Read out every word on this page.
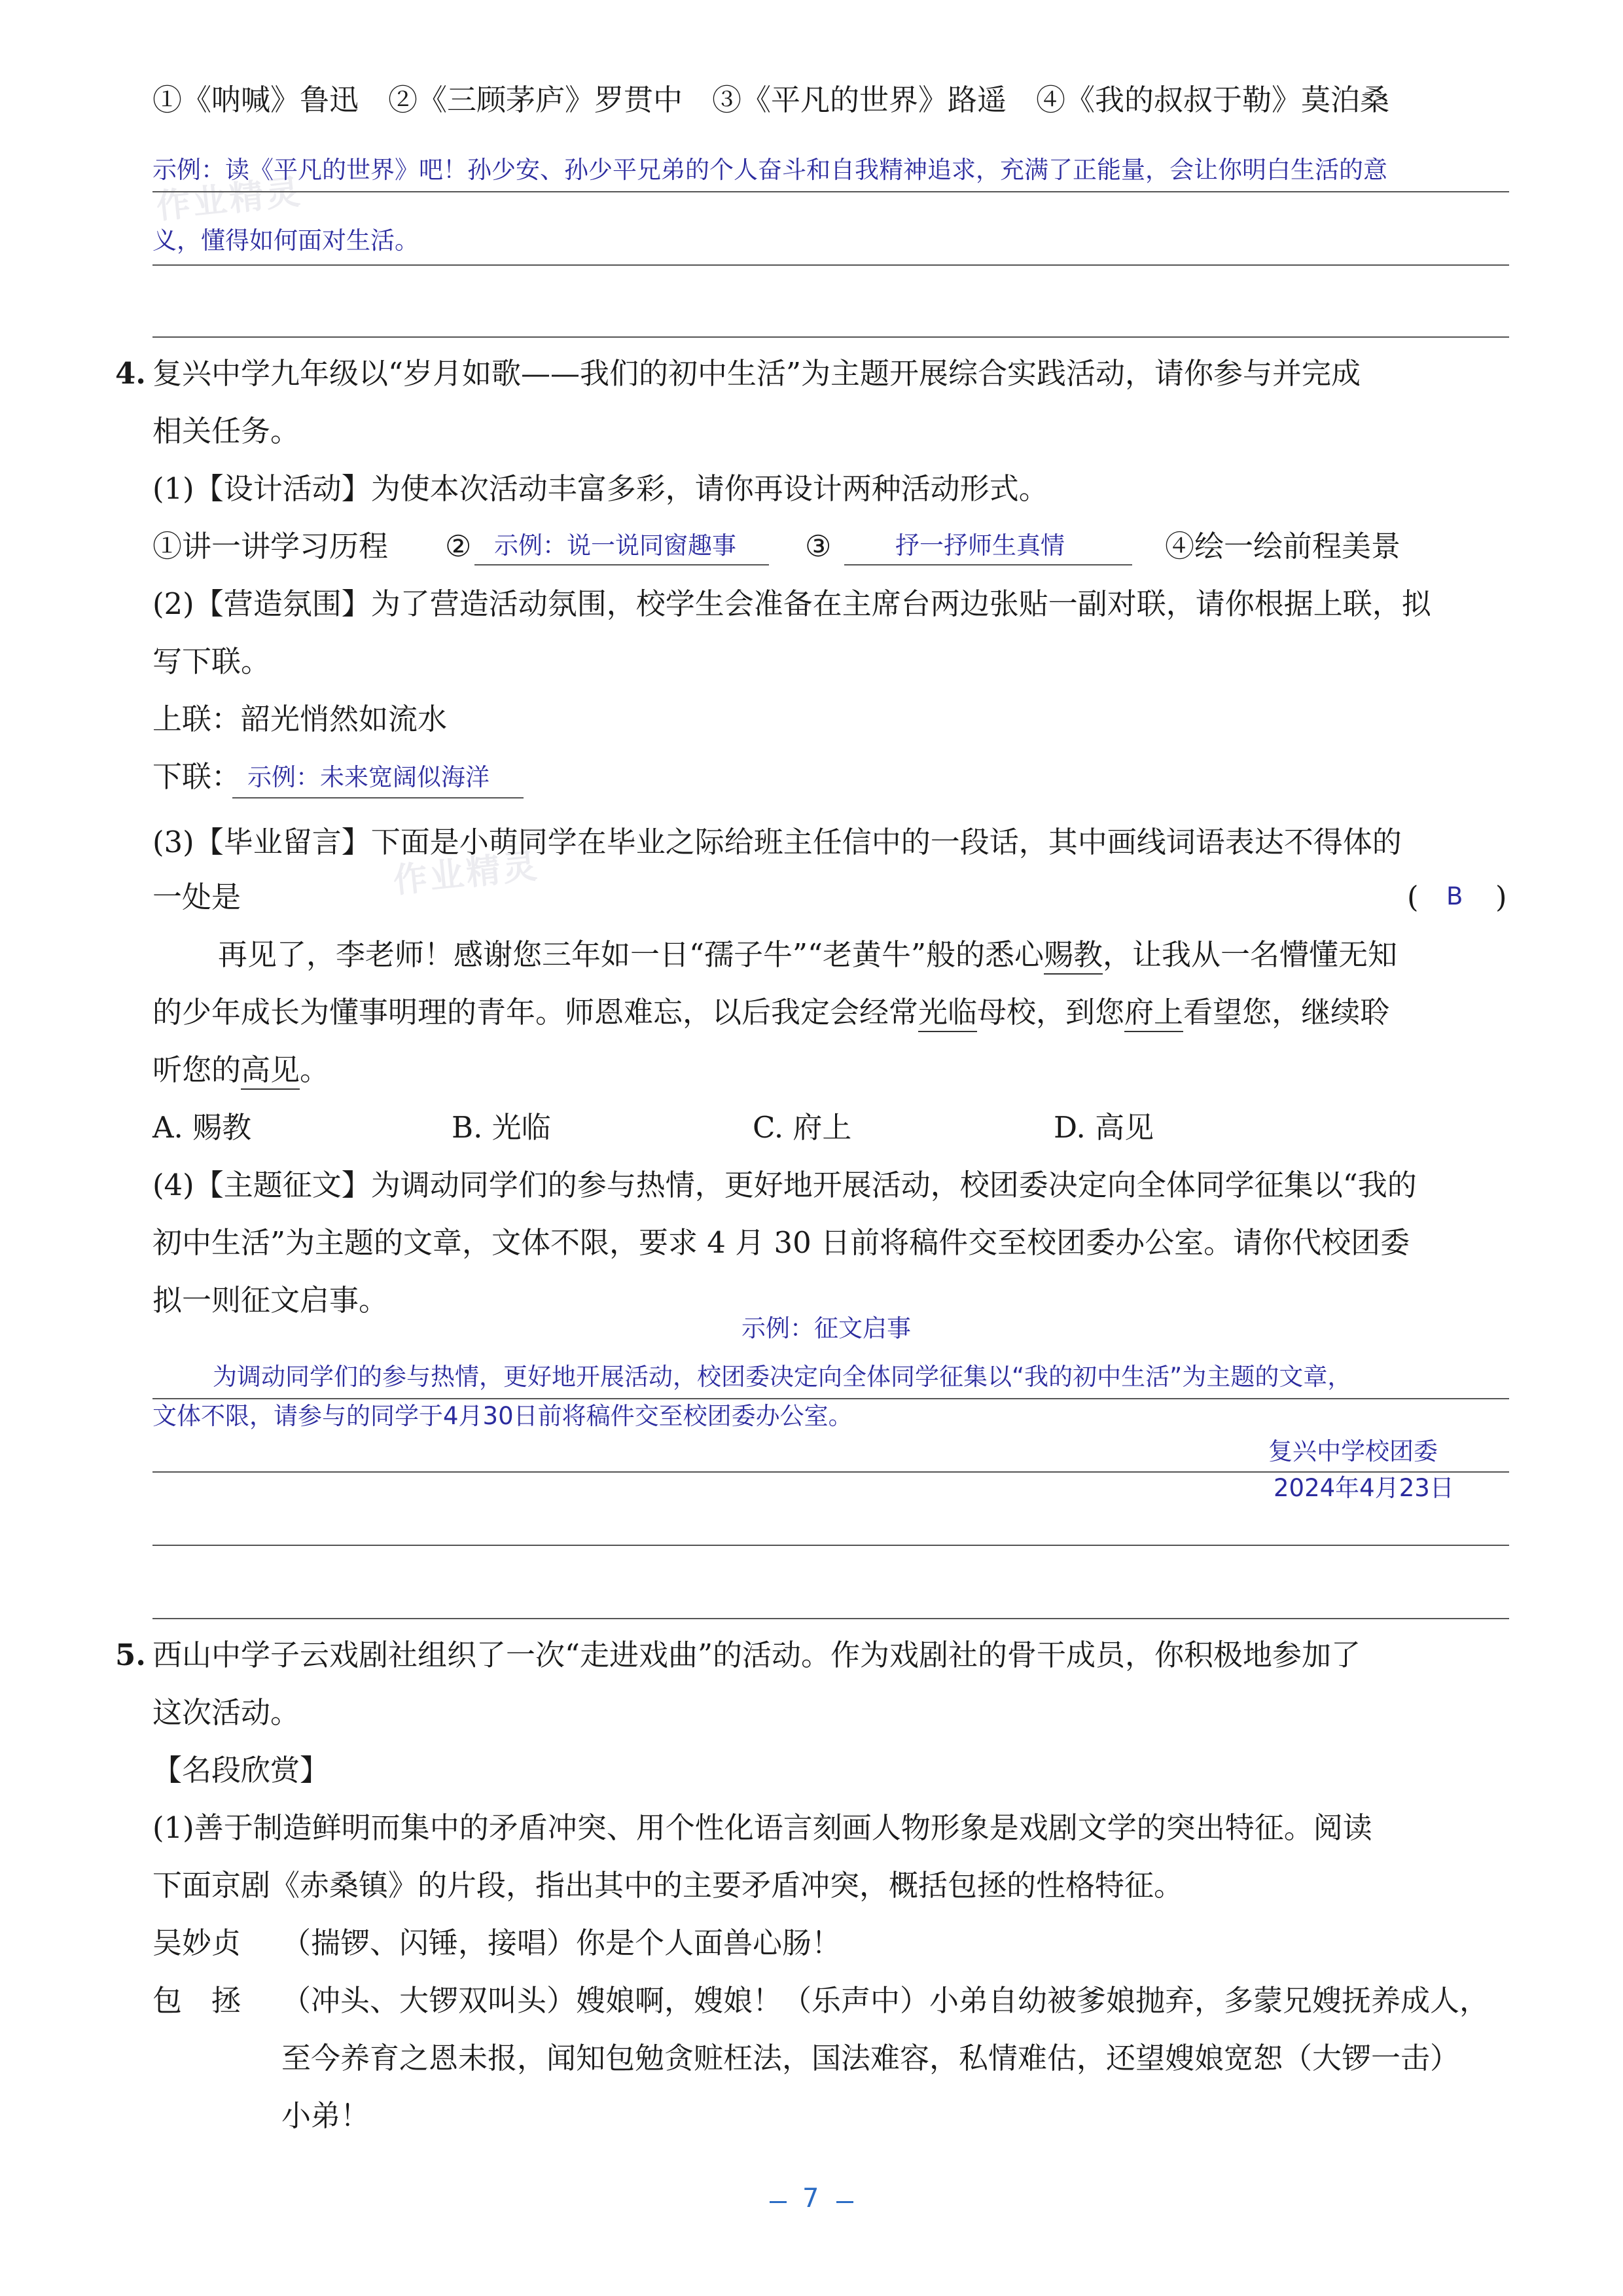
作业精灵
作业精灵
①《呐喊》鲁迅　②《三顾茅庐》罗贯中　③《平凡的世界》路遥　④《我的叔叔于勒》莫泊桑
示例：读《平凡的世界》吧！孙少安、孙少平兄弟的个人奋斗和自我精神追求，充满了正能量，会让你明白生活的意
义，懂得如何面对生活。
4. 复兴中学九年级以“岁月如歌——我们的初中生活”为主题开展综合实践活动，请你参与并完成
相关任务。
(1)【设计活动】为使本次活动丰富多彩，请你再设计两种活动形式。
①讲一讲学习历程 ② 示例：说一说同窗趣事 ③	抒一抒师生真情	④绘一绘前程美景
(2)【营造氛围】为了营造活动氛围，校学生会准备在主席台两边张贴一副对联，请你根据上联，拟
写下联。
上联：韶光悄然如流水
下联： 示例：未来宽阔似海洋
(3)【毕业留言】下面是小萌同学在毕业之际给班主任信中的一段话，其中画线词语表达不得体的
一处是	( B )
再见了，李老师！感谢您三年如一日“孺子牛”“老黄牛”般的悉心赐教，让我从一名懵懂无知
的少年成长为懂事明理的青年。师恩难忘，以后我定会经常光临母校，到您府上看望您，继续聆
听您的高见。
A. 赐教	B. 光临	C. 府上	D. 高见
(4)【主题征文】为调动同学们的参与热情，更好地开展活动，校团委决定向全体同学征集以“我的
初中生活”为主题的文章，文体不限，要求 4 月 30 日前将稿件交至校团委办公室。请你代校团委
拟一则征文启事。
示例：征文启事
为调动同学们的参与热情，更好地开展活动，校团委决定向全体同学征集以“我的初中生活”为主题的文章，
文体不限，请参与的同学于4月30日前将稿件交至校团委办公室。
复兴中学校团委
2024年4月23日
5. 西山中学子云戏剧社组织了一次“走进戏曲”的活动。作为戏剧社的骨干成员，你积极地参加了
这次活动。
【名段欣赏】
(1)善于制造鲜明而集中的矛盾冲突、用个性化语言刻画人物形象是戏剧文学的突出特征。阅读
下面京剧《赤桑镇》的片段，指出其中的主要矛盾冲突，概括包拯的性格特征。
吴妙贞 （揣锣、闪锤，接唱）你是个人面兽心肠！
包　拯 （冲头、大锣双叫头）嫂娘啊，嫂娘！（乐声中）小弟自幼被爹娘抛弃，多蒙兄嫂抚养成人，
至今养育之恩未报，闻知包勉贪赃枉法，国法难容，私情难估，还望嫂娘宽恕（大锣一击）
小弟！
7
